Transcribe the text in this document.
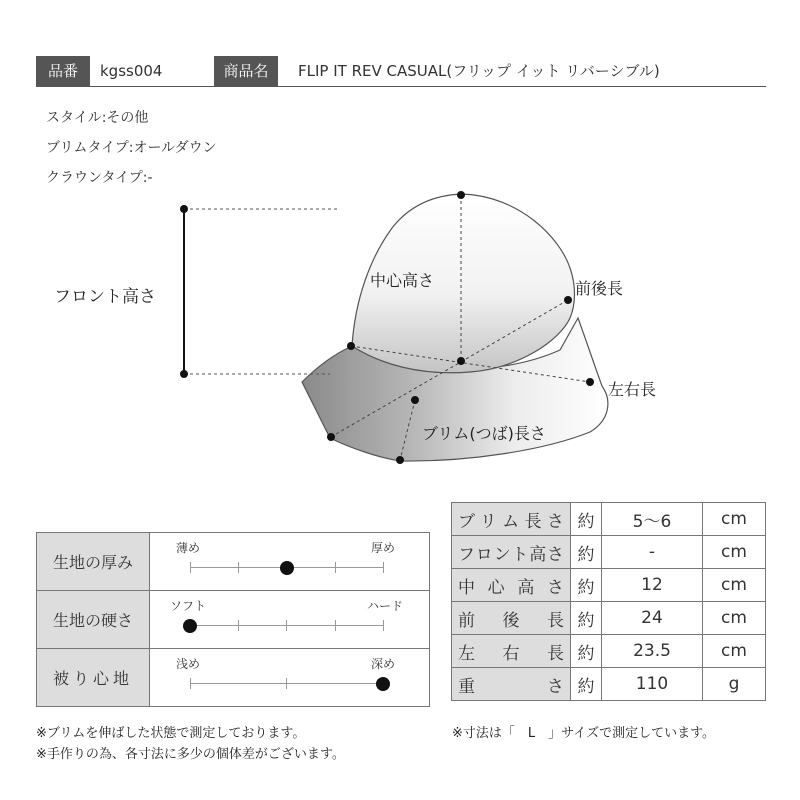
品番	kgss004	商品名	FLIP IT REV CASUAL(フリップ イット リバーシブル)
スタイル:その他
ブリムタイプ:オールダウン
クラウンタイプ:-
フロント高さ
中心高さ	前後長
左右長
ブリム(つば)長さ
生地の厚み	薄め 厚め

生地の硬さ	ソフト ハード

被り心地	浅め 深め
ブリム長さ	約	5～6	cm

フロント高さ	約	-	cm

中心高さ	約	12	cm

前後長	約	24	cm

左右長	約	23.5	cm

重さ	約	110	g
※ブリムを伸ばした状態で測定しております。
※手作りの為、各寸法に多少の個体差がございます。
※寸法は「　L　」サイズで測定しています。
